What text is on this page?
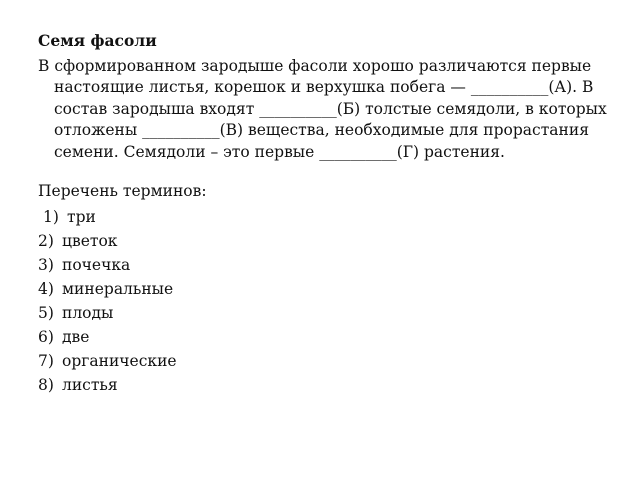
Семя фасоли

В сформированном зародыше фасоли хорошо различаются первые настоящие листья, корешок и верхушка побега — __________(А). В состав зародыша входят __________(Б) толстые семядоли, в которых отложены __________(В) вещества, необходимые для прорастания семени. Семядоли – это первые __________(Г) растения.

Перечень терминов:
1) три
2) цветок
3) почечка
4) минеральные
5) плоды
6) две
7) органические
8) листья
